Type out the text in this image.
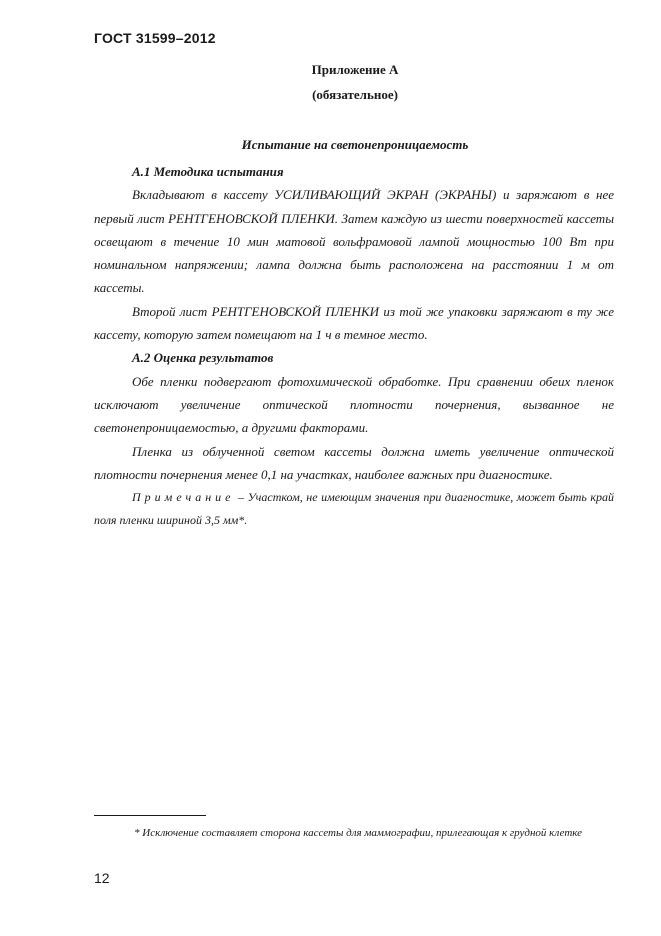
ГОСТ 31599–2012
Приложение А
(обязательное)
Испытание на светонепроницаемость

А.1 Методика испытания

Вкладывают в кассету УСИЛИВАЮЩИЙ ЭКРАН (ЭКРАНЫ) и заряжают в нее первый лист РЕНТГЕНОВСКОЙ ПЛЕНКИ. Затем каждую из шести поверхностей кассеты освещают в течение 10 мин матовой вольфрамовой лампой мощностью 100 Вт при номинальном напряжении; лампа должна быть расположена на расстоянии 1 м от кассеты.

Второй лист РЕНТГЕНОВСКОЙ ПЛЕНКИ из той же упаковки заряжают в ту же кассету, которую затем помещают на 1 ч в темное место.

А.2 Оценка результатов

Обе пленки подвергают фотохимической обработке. При сравнении обеих пленок исключают увеличение оптической плотности почернения, вызванное не светонепроницаемостью, а другими факторами.

Пленка из облученной светом кассеты должна иметь увеличение оптической плотности почернения менее 0,1 на участках, наиболее важных при диагностике.

Примечание – Участком, не имеющим значения при диагностике, может быть край поля пленки шириной 3,5 мм*.

* Исключение составляет сторона кассеты для маммографии, прилегающая к грудной клетке
12
